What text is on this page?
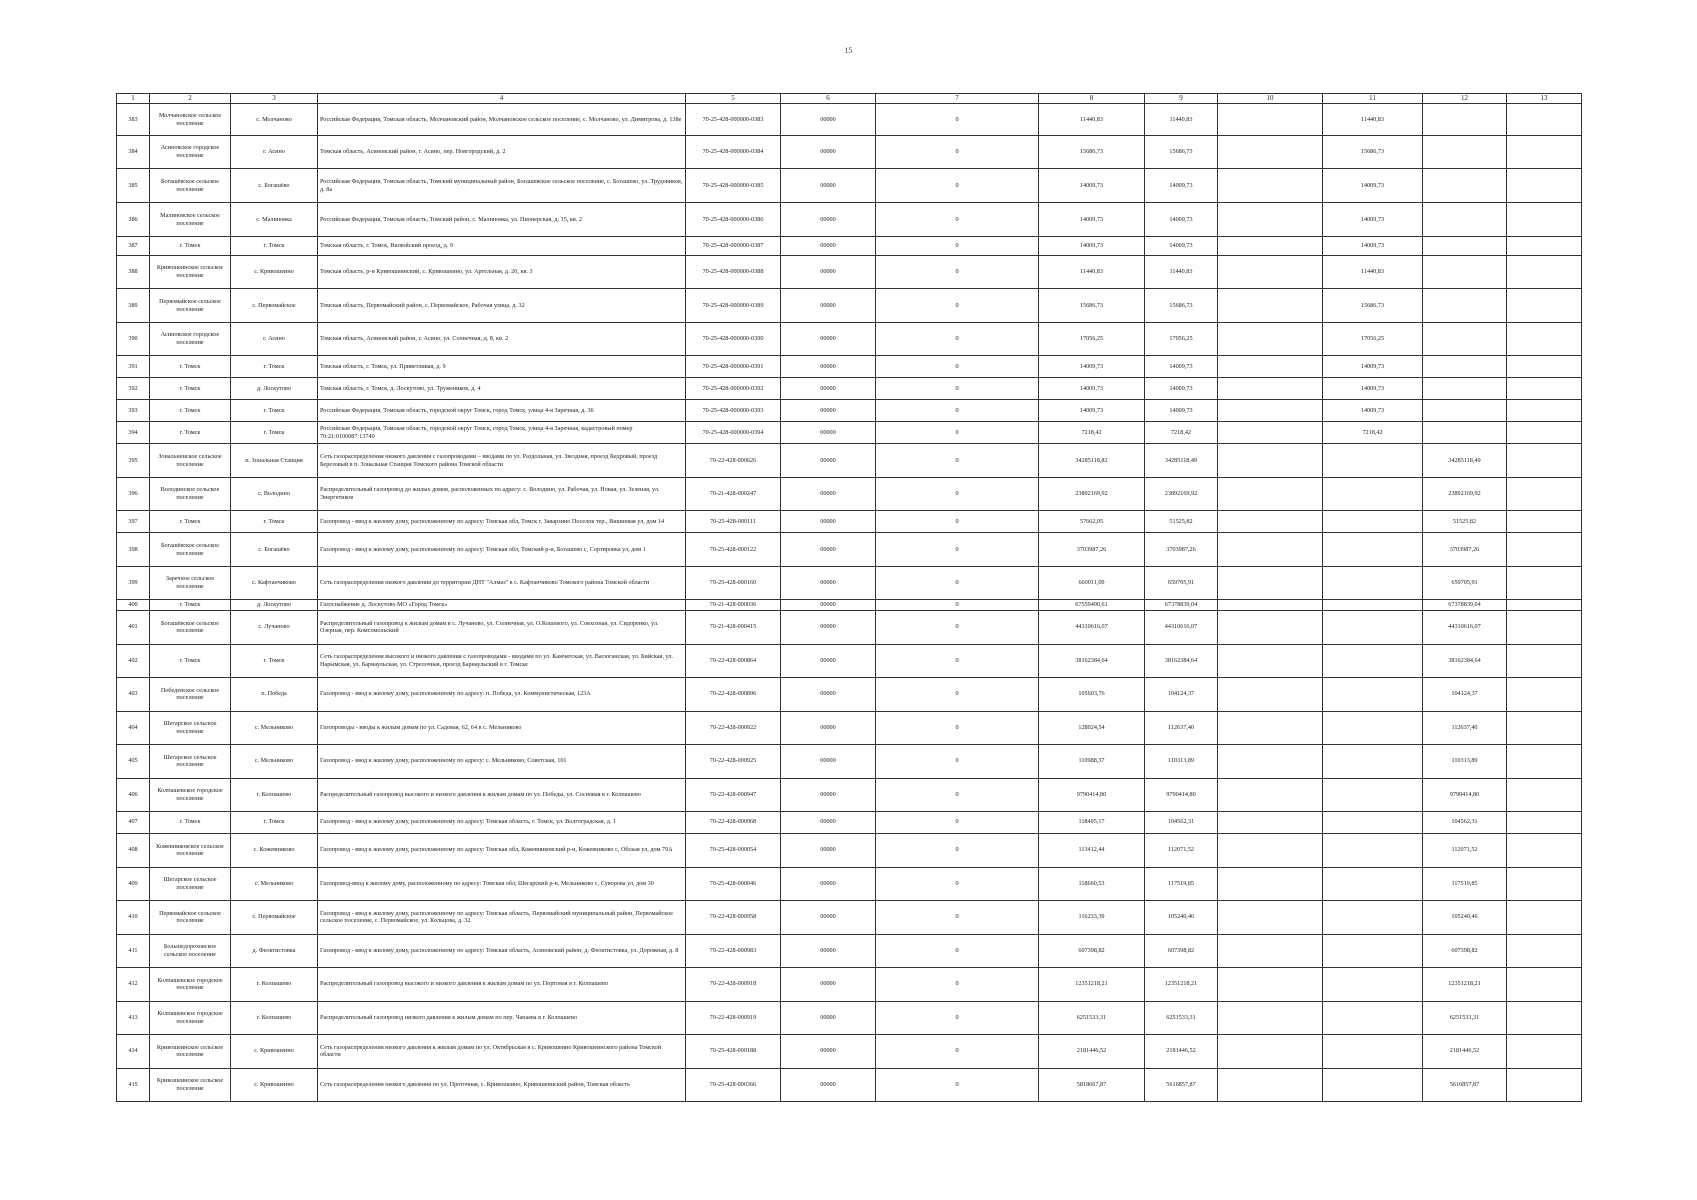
15
1	2	3	4	5	6	7	8	9	10	11	12	13
383	Молчановское сельское поселение	с. Молчаново	Российская Федерация, Томская область, Молчановский район, Молчановское сельское поселение, с. Молчаново, ул. Димитрова, д. 138е	70-25-428-000000-0383	00000	0	11440,83	11440,83		11440,83		
384	Асиновское городское поселение	г. Асино	Томская область, Асиновский район, г. Асино, пер. Новгородский, д. 2	70-25-428-000000-0384	00000	0	15686,73	15686,73		15686,73		
385	Богашёвское сельское поселение	с. Богашёво	Российская Федерация, Томская область, Томский муниципальный район, Богашевское сельское поселение, с. Богашево, ул. Трудовиков, д. 8а	70-25-428-000000-0385	00000	0	14009,73	14009,73		14009,73		
386	Малиновское сельское поселение	с. Малиновка	Российская Федерация, Томская область, Томский район, с. Малиновка, ул. Пионерская, д. 15, кв. 2	70-25-428-000000-0386	00000	0	14009,73	14009,73		14009,73		
387	г. Томск	г. Томск	Томская область, г. Томск, Вилюйский проезд, д. 9	70-25-428-000000-0387	00000	0	14009,73	14009,73		14009,73		
388	Кривошеинское сельское поселение	с. Кривошеино	Томская область, р-н Кривошеинский, с. Кривошеино, ул. Артельная, д. 20, кв. 3	70-25-428-000000-0388	00000	0	11440,83	11440,83		11440,83		
389	Первомайское сельское поселение	с. Первомайское	Томская область, Первомайский район, с. Первомайское, Рабочая улица, д. 32	70-25-428-000000-0389	00000	0	15686,73	15686,73		15686,73		
390	Асиновское городское поселение	г. Асино	Томская область, Асиновский район, г. Асино, ул. Солнечная, д. 8, кв. 2	70-25-428-000000-0390	00000	0	17056,25	17056,25		17056,25		
391	г. Томск	г. Томск	Томская область, г. Томск, ул. Приветливая, д. 9	70-25-428-000000-0391	00000	0	14009,73	14009,73		14009,73		
392	г. Томск	д. Лоскутово	Томская область, г. Томск, д. Лоскутово, ул. Тружеников, д. 4	70-25-428-000000-0392	00000	0	14009,73	14009,73		14009,73		
393	г. Томск	г. Томск	Российская Федерация, Томская область, городской округ Томск, город Томск, улица 4-я Заречная, д. 36	70-25-428-000000-0393	00000	0	14009,73	14009,73		14009,73		
394	г. Томск	г. Томск	Российская Федерация, Томская область, городской округ Томск, город Томск, улица 4-я Заречная, кадастровый номер 70:21:0100087:13749	70-25-428-000000-0394	00000	0	7218,42	7218,42		7218,42		
395	Зональненское сельское поселение	п. Зональная Станция	Сеть газораспределения низкого давления с газопроводами – вводами по ул. Раздольная, ул. Звездная, проезд Кедровый, проезд Березовый в п. Зональная Станция Томского района Томской области	70-22-428-000626	00000	0	34285118,82	34285118,49			34285118,49	
396	Володинское сельское поселение	с. Володино	Распределительный газопровод до жилых домов, расположенных по адресу: с. Володино, ул. Рабочая, ул. Новая, ул. Зеленая, ул. Энергетиков	70-21-428-000247	00000	0	23892169,92	23892169,92			23892169,92	
397	г. Томск	г. Томск	Газопровод - ввод к жилому дому, расположенному по адресу: Томская обл, Томск г, Заварзино Поселок тер., Вишневая ул, дом 14	70-25-428-000111	00000	0	57662,05	51525,82			51525,82	
398	Богашёвское сельское поселение	с. Богашёво	Газопровод - ввод к жилому дому, расположенному по адресу: Томская обл, Томский р-н, Богашево с, Сортировка ул, дом 1	70-25-428-000122	00000	0	3703987,26	3703987,26			3703987,26	
399	Заречное сельское поселение	с. Кафтанчиково	Сеть газораспределения низкого давления до территории ДНТ "Алмаз" в с. Кафтанчиково Томского района Томской области	70-25-428-000160	00000	0	660011,09	659705,91			659705,91	
400	г. Томск	д. Лоскутово	Газоснабжение д. Лоскутово МО «Город Томск»	70-21-428-000036	00000	0	67559490,61	67378839,04			67378839,04	
401	Богашёвское сельское поселение	с. Лучаново	Распределительный газопровод к жилым домам в с. Лучаново, ул. Солнечная, ул. О.Кошевого, ул. Совхозная, ул. Сидоренко, ул. Озерная, пер. Комсомольский	70-21-428-000415	00000	0	44310616,07	44310616,07			44310616,07	
402	г. Томск	г. Томск	Сеть газораспределения высокого и низкого давления с газопроводами - вводами по ул. Камчатская, ул. Васюганская, ул. Бийская, ул. Нарымская, ул. Барнаульская, ул. Стрелочная, проезд Барнаульский в г. Томске	70-22-428-000864	00000	0	38162384,64	38162384,64			38162384,64	
403	Победенское сельское поселение	п. Победа	Газопровод - ввод к жилому дому, расположенному по адресу: п. Победа, ул. Коммунистическая, 123А	70-22-428-000896	00000	0	105603,76	104124,37			104124,37	
404	Шегарское сельское поселение	с. Мельниково	Газопроводы - вводы к жилым домам по ул. Садовая, 62, 64 в с. Мельниково	70-22-428-000922	00000	0	128024,54	112637,40			112637,40	
405	Шегарское сельское поселение	с. Мельниково	Газопровод - ввод к жилому дому, расположенному по адресу: с. Мельниково, Советская, 101	70-22-428-000925	00000	0	110988,37	110313,89			110313,89	
406	Колпашевское городское поселение	г. Колпашево	Распределительный газопровод высокого и низкого давления к жилым домам по ул. Победы, ул. Сосновая в г. Колпашево	70-22-428-000947	00000	0	9790414,80	9790414,80			9790414,80	
407	г. Томск	г. Томск	Газопровод - ввод к жилому дому, расположенному по адресу: Томская область, г. Томск, ул. Волгоградская, д. 1	70-22-428-000968	00000	0	118495,17	104562,31			104562,31	
408	Кожевниковское сельское поселение	с. Кожевниково	Газопровод - ввод к жилому дому, расположенному по адресу: Томская обл, Кожевниковский р-н, Кожевниково с, Обская ул, дом 79А	70-25-428-000054	00000	0	113412,44	112071,52			112071,52	
409	Шегарское сельское поселение	с. Мельниково	Газопровод-ввод к жилому дому, расположенному по адресу: Томская обл, Шегарский р-н, Мельниково с, Суворова ул, дом 30	70-25-428-000046	00000	0	118660,53	117519,85			117519,85	
410	Первомайское сельское поселение	с. Первомайское	Газопровод - ввод к жилому дому, расположенному по адресу: Томская область, Первомайский муниципальный район, Первомайское сельское поселение, с. Первомайское, ул. Кольцова, д. 32	70-22-428-000958	00000	0	116233,39	105240,46			105240,46	
411	Большедороховское сельское поселение	д. Феоктистовка	Газопровод - ввод к жилому дому, расположенному по адресу: Томская область, Асиновский район, д. Феоктистовка, ул. Дорожная, д. 8	70-22-428-000983	00000	0	607398,82	607398,82			607398,82	
412	Колпашевское городское поселение	г. Колпашево	Распределительный газопровод высокого и низкого давления к жилым домам по ул. Портовая в г. Колпашево	70-22-428-000918	00000	0	12351218,21	12351218,21			12351218,21	
413	Колпашевское городское поселение	г. Колпашево	Распределительный газопровод низкого давления к жилым домам по пер. Чапаева в г. Колпашево	70-22-428-000919	00000	0	6251533,31	6251533,31			6251533,31	
414	Кривошеинское сельское поселение	с. Кривошеино	Сеть газораспределения низкого давления к жилым домам по ул. Октябрьская в с. Кривошеино Кривошеинского района Томской области	70-25-428-000188	00000	0	2181446,52	2181446,52			2181446,52	
415	Кривошеинское сельское поселение	с. Кривошеино	Сеть газораспределения низкого давления по ул. Проточная, с. Кривошеино, Кривошеинский район, Томская область	70-25-428-000366	00000	0	5818667,87	5616857,87			5616857,87	
